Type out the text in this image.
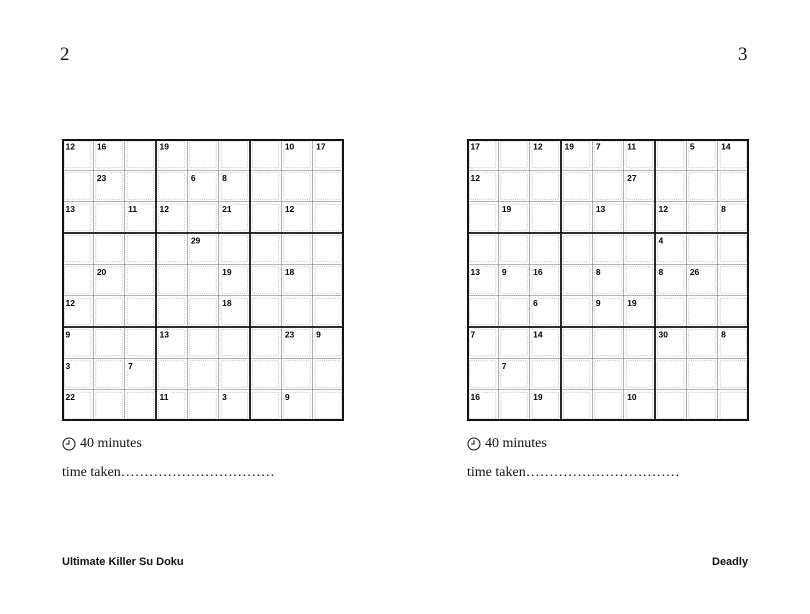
2
12	16	19	10	17
23	6	8
13	11	12	21	12
29
20	19	18
12	18
9	13	23	9
3	7
22	11	3	9
40 minutes
time taken……………………………
Ultimate Killer Su Doku
3
17	12	19	7	11	5	14
12	27
19	13	12	8
4
13	9	16	8	8	26
6	9	19
7	14	30	8
7
16	19	10
40 minutes
time taken……………………………
Deadly
